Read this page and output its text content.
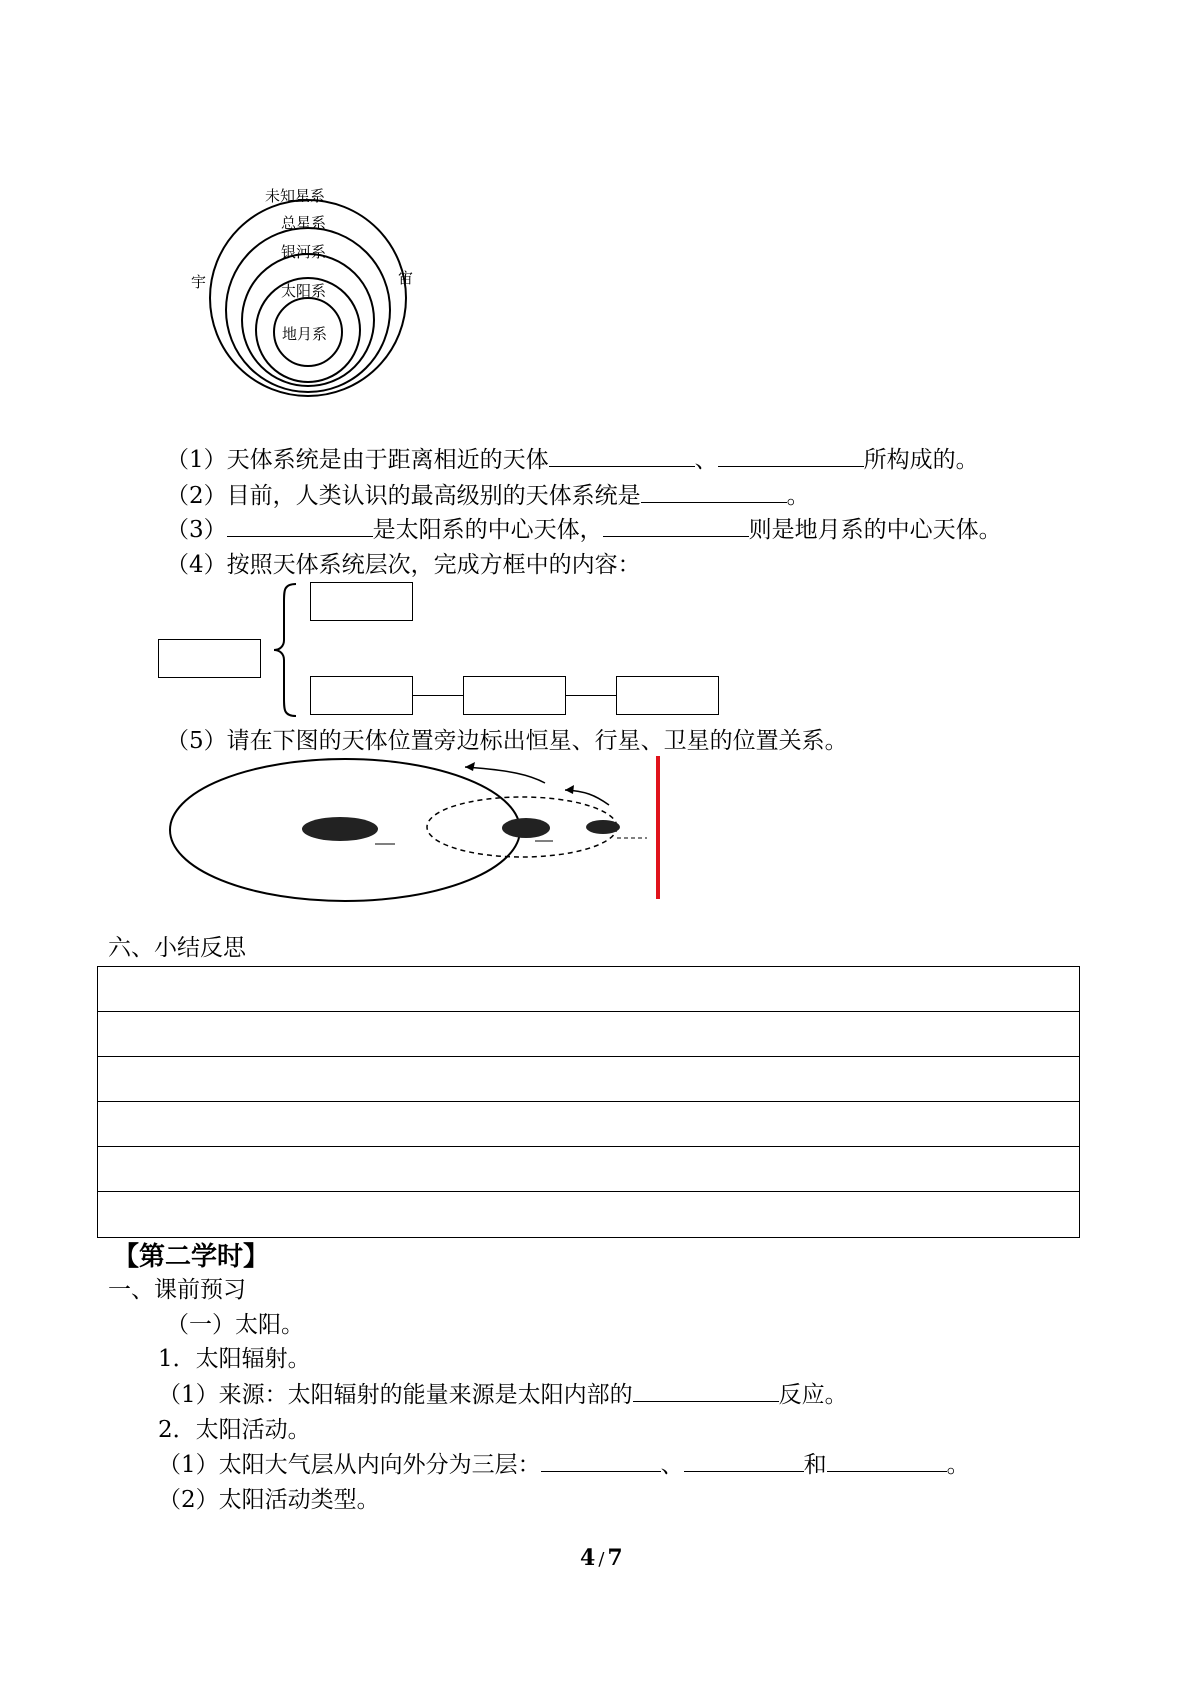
未知星系
总星系
银河系
太阳系
地月系
宇	宙
（1）天体系统是由于距离相近的天体	、	所构成的。
（2）目前，人类认识的最高级别的天体系统是	。
（3）	是太阳系的中心天体，	则是地月系的中心天体。
（4）按照天体系统层次，完成方框中的内容：
（5）请在下图的天体位置旁边标出恒星、行星、卫星的位置关系。
六、小结反思
【第二学时】
一、课前预习
（一）太阳。
1．太阳辐射。
（1）来源：太阳辐射的能量来源是太阳内部的	反应。
2．太阳活动。
（1）太阳大气层从内向外分为三层：	、	和	。
（2）太阳活动类型。
4 / 7
